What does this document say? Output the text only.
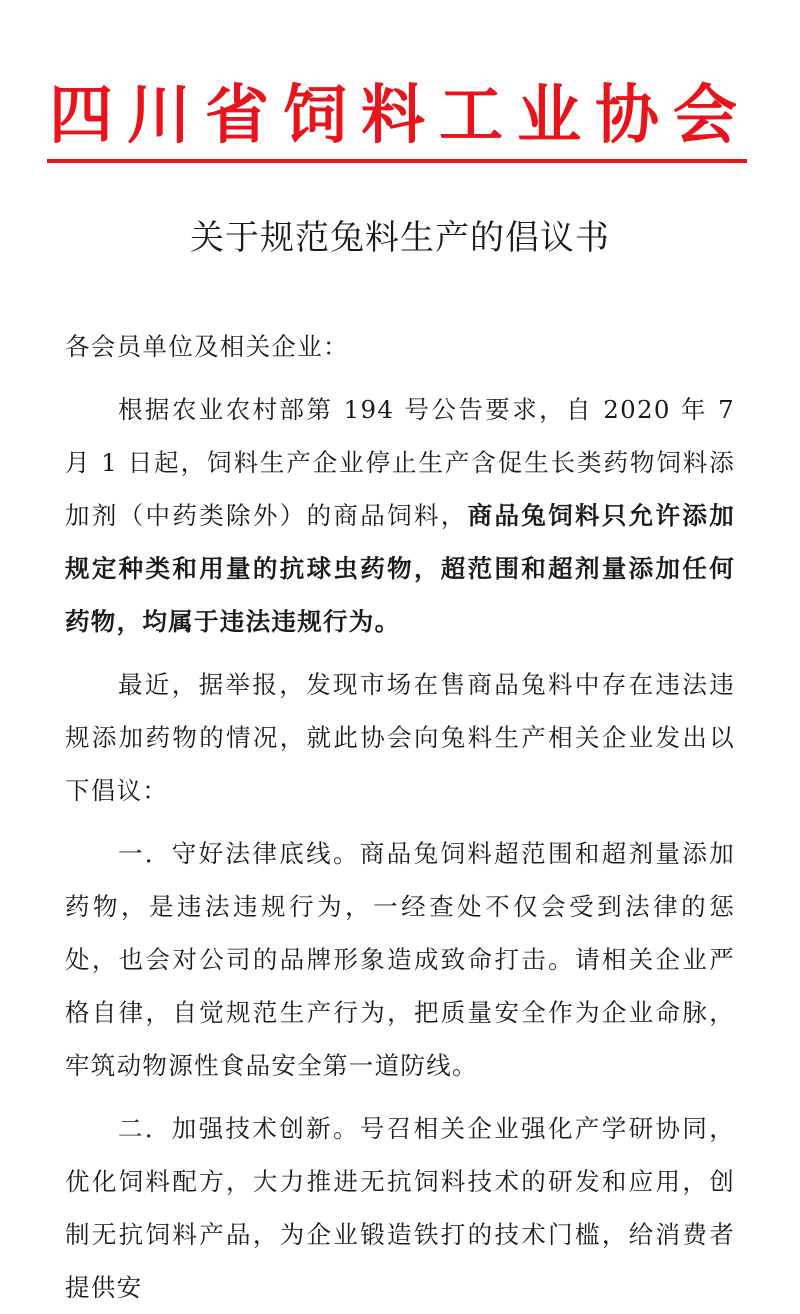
四川省饲料工业协会
关于规范兔料生产的倡议书

各会员单位及相关企业：

根据农业农村部第 194 号公告要求，自 2020 年 7 月 1 日起，饲料生产企业停止生产含促生长类药物饲料添加剂（中药类除外）的商品饲料，商品兔饲料只允许添加规定种类和用量的抗球虫药物，超范围和超剂量添加任何药物，均属于违法违规行为。

最近，据举报，发现市场在售商品兔料中存在违法违规添加药物的情况，就此协会向兔料生产相关企业发出以下倡议：

一．守好法律底线。商品兔饲料超范围和超剂量添加药物，是违法违规行为，一经查处不仅会受到法律的惩处，也会对公司的品牌形象造成致命打击。请相关企业严格自律，自觉规范生产行为，把质量安全作为企业命脉，牢筑动物源性食品安全第一道防线。

二．加强技术创新。号召相关企业强化产学研协同，优化饲料配方，大力推进无抗饲料技术的研发和应用，创制无抗饲料产品，为企业锻造铁打的技术门槛，给消费者提供安
